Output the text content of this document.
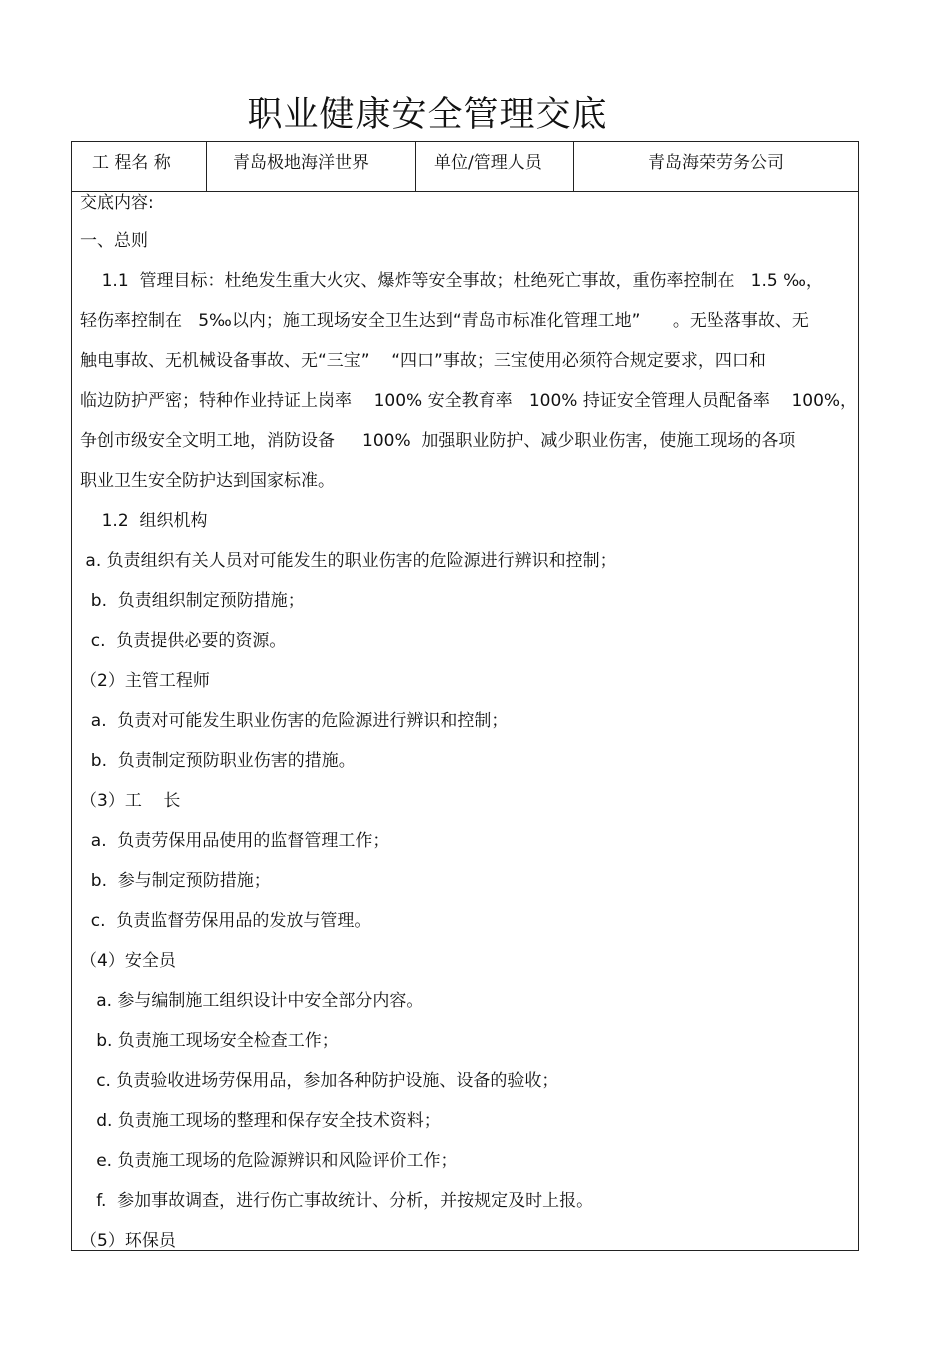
职业健康安全管理交底
工 程名 称	青岛极地海洋世界	单位/管理人员	青岛海荣劳务公司
交底内容:
一、总则
1.1  管理目标：杜绝发生重大火灾、爆炸等安全事故；杜绝死亡事故，重伤率控制在   1.5 ‰，
轻伤率控制在   5‰以内；施工现场安全卫生达到“青岛市标准化管理工地”      。无坠落事故、无
触电事故、无机械设备事故、无“三宝”    “四口”事故；三宝使用必须符合规定要求，四口和
临边防护严密；特种作业持证上岗率    100% 安全教育率   100% 持证安全管理人员配备率    100%，
争创市级安全文明工地，消防设备     100%  加强职业防护、减少职业伤害，使施工现场的各项
职业卫生安全防护达到国家标准。
1.2  组织机构
a. 负责组织有关人员对可能发生的职业伤害的危险源进行辨识和控制；
b.  负责组织制定预防措施；
c.  负责提供必要的资源。
（2）主管工程师
a.  负责对可能发生职业伤害的危险源进行辨识和控制；
b.  负责制定预防职业伤害的措施。
（3）工    长
a.  负责劳保用品使用的监督管理工作；
b.  参与制定预防措施；
c.  负责监督劳保用品的发放与管理。
（4）安全员
a. 参与编制施工组织设计中安全部分内容。
b. 负责施工现场安全检查工作；
c. 负责验收进场劳保用品，参加各种防护设施、设备的验收；
d. 负责施工现场的整理和保存安全技术资料；
e. 负责施工现场的危险源辨识和风险评价工作；
f.  参加事故调查，进行伤亡事故统计、分析，并按规定及时上报。
（5）环保员
